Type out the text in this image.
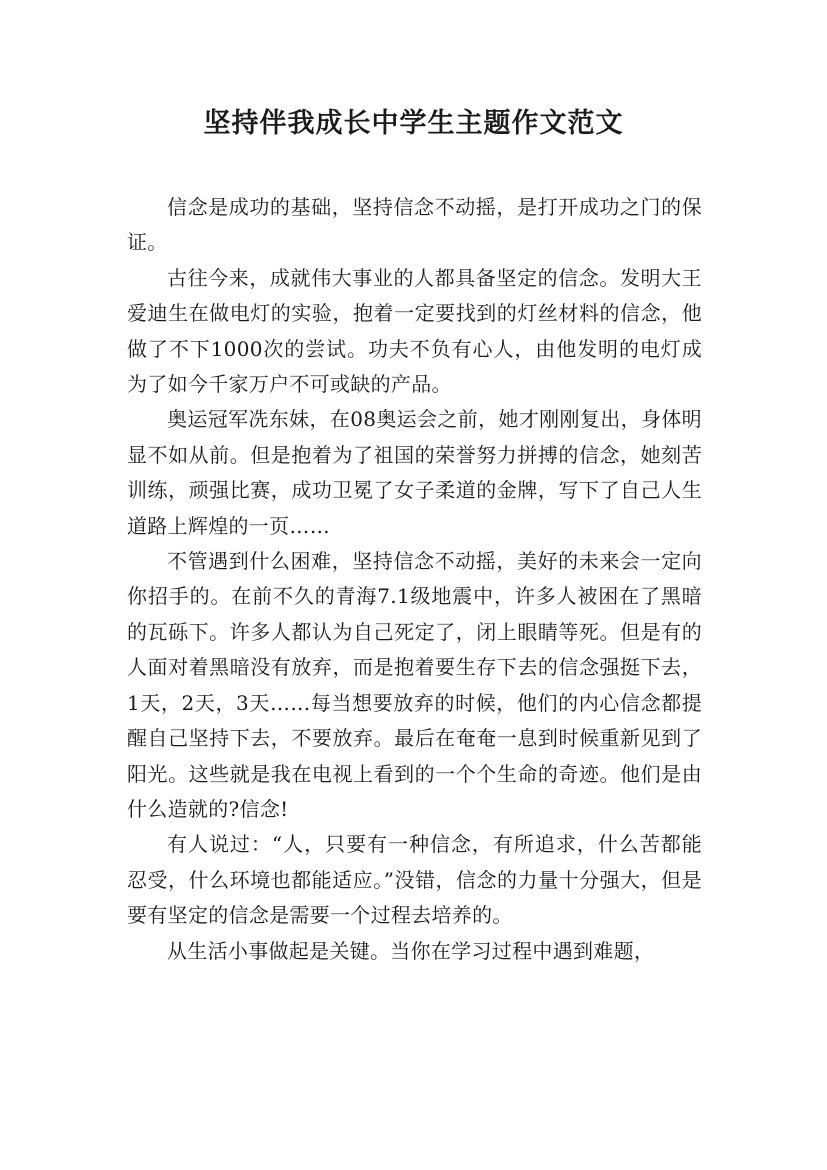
坚持伴我成长中学生主题作文范文

信念是成功的基础，坚持信念不动摇，是打开成功之门的保证。

古往今来，成就伟大事业的人都具备坚定的信念。发明大王爱迪生在做电灯的实验，抱着一定要找到的灯丝材料的信念，他做了不下1000次的尝试。功夫不负有心人，由他发明的电灯成为了如今千家万户不可或缺的产品。

奥运冠军冼东妹，在08奥运会之前，她才刚刚复出，身体明显不如从前。但是抱着为了祖国的荣誉努力拼搏的信念，她刻苦训练，顽强比赛，成功卫冕了女子柔道的金牌，写下了自己人生道路上辉煌的一页……

不管遇到什么困难，坚持信念不动摇，美好的未来会一定向你招手的。在前不久的青海7.1级地震中，许多人被困在了黑暗的瓦砾下。许多人都认为自己死定了，闭上眼睛等死。但是有的人面对着黑暗没有放弃，而是抱着要生存下去的信念强挺下去，1天，2天，3天……每当想要放弃的时候，他们的内心信念都提醒自己坚持下去，不要放弃。最后在奄奄一息到时候重新见到了阳光。这些就是我在电视上看到的一个个生命的奇迹。他们是由什么造就的?信念!

有人说过：“人，只要有一种信念，有所追求，什么苦都能忍受，什么环境也都能适应。”没错，信念的力量十分强大，但是要有坚定的信念是需要一个过程去培养的。

从生活小事做起是关键。当你在学习过程中遇到难题，
